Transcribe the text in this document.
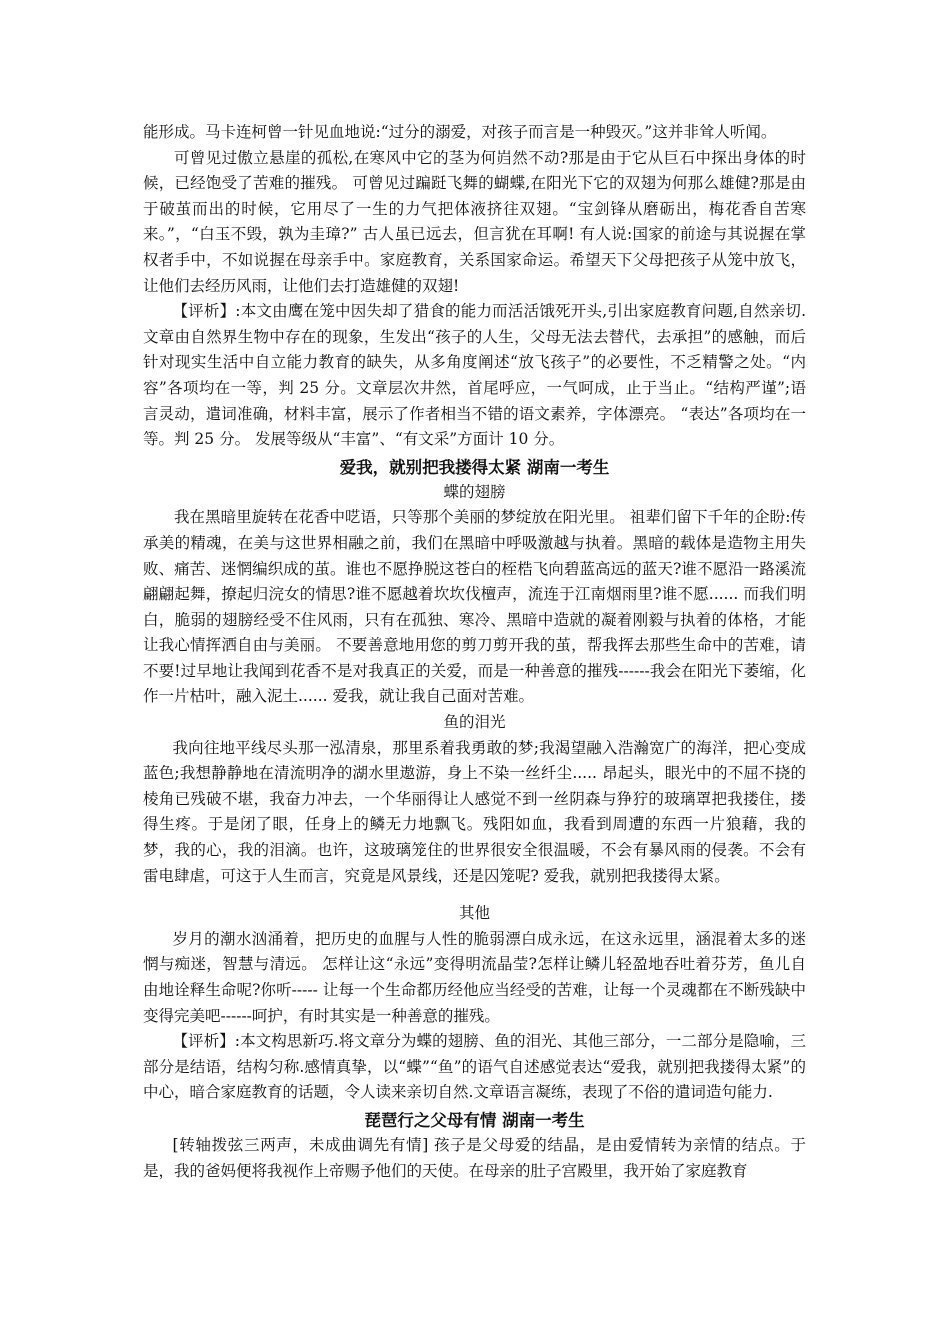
能形成。马卡连柯曾一针见血地说:“过分的溺爱，对孩子而言是一种毁灭。”这并非耸人听闻。

可曾见过傲立悬崖的孤松,在寒风中它的茎为何岿然不动?那是由于它从巨石中探出身体的时候，已经饱受了苦难的摧残。 可曾见过蹁跹飞舞的蝴蝶,在阳光下它的双翅为何那么雄健?那是由于破茧而出的时候，它用尽了一生的力气把体液挤往双翅。“宝剑锋从磨砺出，梅花香自苦寒来。”，“白玉不毁，孰为圭璋?” 古人虽已远去，但言犹在耳啊! 有人说:国家的前途与其说握在掌权者手中，不如说握在母亲手中。家庭教育，关系国家命运。希望天下父母把孩子从笼中放飞，让他们去经历风雨，让他们去打造雄健的双翅!

【评析】:本文由鹰在笼中因失却了猎食的能力而活活饿死开头,引出家庭教育问题,自然亲切.文章由自然界生物中存在的现象，生发出“孩子的人生，父母无法去替代，去承担”的感触，而后针对现实生活中自立能力教育的缺失，从多角度阐述“放飞孩子”的必要性，不乏精警之处。“内容”各项均在一等，判 25 分。文章层次井然，首尾呼应，一气呵成，止于当止。“结构严谨”;语言灵动，遣词准确，材料丰富，展示了作者相当不错的语文素养，字体漂亮。 “表达”各项均在一等。判 25 分。 发展等级从“丰富”、“有文采”方面计 10 分。

爱我，就别把我搂得太紧 湖南一考生
蝶的翅膀

我在黑暗里旋转在花香中呓语，只等那个美丽的梦绽放在阳光里。 祖辈们留下千年的企盼:传承美的精魂，在美与这世界相融之前，我们在黑暗中呼吸激越与执着。黑暗的载体是造物主用失败、痛苦、迷惘编织成的茧。谁也不愿挣脱这苍白的桎梏飞向碧蓝高远的蓝天?谁不愿沿一路溪流翩翩起舞，撩起归浣女的情思?谁不愿越着坎坎伐檀声，流连于江南烟雨里?谁不愿...... 而我们明白，脆弱的翅膀经受不住风雨，只有在孤独、寒冷、黑暗中造就的凝着刚毅与执着的体格，才能让我心情挥洒自由与美丽。 不要善意地用您的剪刀剪开我的茧，帮我挥去那些生命中的苦难，请不要!过早地让我闻到花香不是对我真正的关爱，而是一种善意的摧残------我会在阳光下萎缩，化作一片枯叶，融入泥土...... 爱我，就让我自己面对苦难。

鱼的泪光

我向往地平线尽头那一泓清泉，那里系着我勇敢的梦;我渴望融入浩瀚宽广的海洋，把心变成蓝色;我想静静地在清流明净的湖水里遨游，身上不染一丝纤尘..... 昂起头，眼光中的不屈不挠的棱角已残破不堪，我奋力冲去，一个华丽得让人感觉不到一丝阴森与狰狞的玻璃罩把我搂住，搂得生疼。于是闭了眼，任身上的鳞无力地飘飞。残阳如血，我看到周遭的东西一片狼藉，我的梦，我的心，我的泪滴。也许，这玻璃笼住的世界很安全很温暖，不会有暴风雨的侵袭。不会有雷电肆虐，可这于人生而言，究竟是风景线，还是囚笼呢? 爱我，就别把我搂得太紧。

其他

岁月的潮水汹涌着，把历史的血腥与人性的脆弱漂白成永远，在这永远里，涵混着太多的迷惘与痴迷，智慧与清远。 怎样让这“永远”变得明流晶莹?怎样让鳞儿轻盈地吞吐着芬芳，鱼儿自由地诠释生命呢?你听----- 让每一个生命都历经他应当经受的苦难，让每一个灵魂都在不断残缺中变得完美吧------呵护，有时其实是一种善意的摧残。

【评析】:本文构思新巧.将文章分为蝶的翅膀、鱼的泪光、其他三部分，一二部分是隐喻，三部分是结语，结构匀称.感情真挚，以“蝶”“鱼”的语气自述感觉表达“爱我，就别把我搂得太紧”的中心，暗合家庭教育的话题，令人读来亲切自然.文章语言凝练，表现了不俗的遣词造句能力.

琵琶行之父母有情 湖南一考生

[转轴拨弦三两声，未成曲调先有情] 孩子是父母爱的结晶，是由爱情转为亲情的结点。于是，我的爸妈便将我视作上帝赐予他们的天使。在母亲的肚子宫殿里，我开始了家庭教育
